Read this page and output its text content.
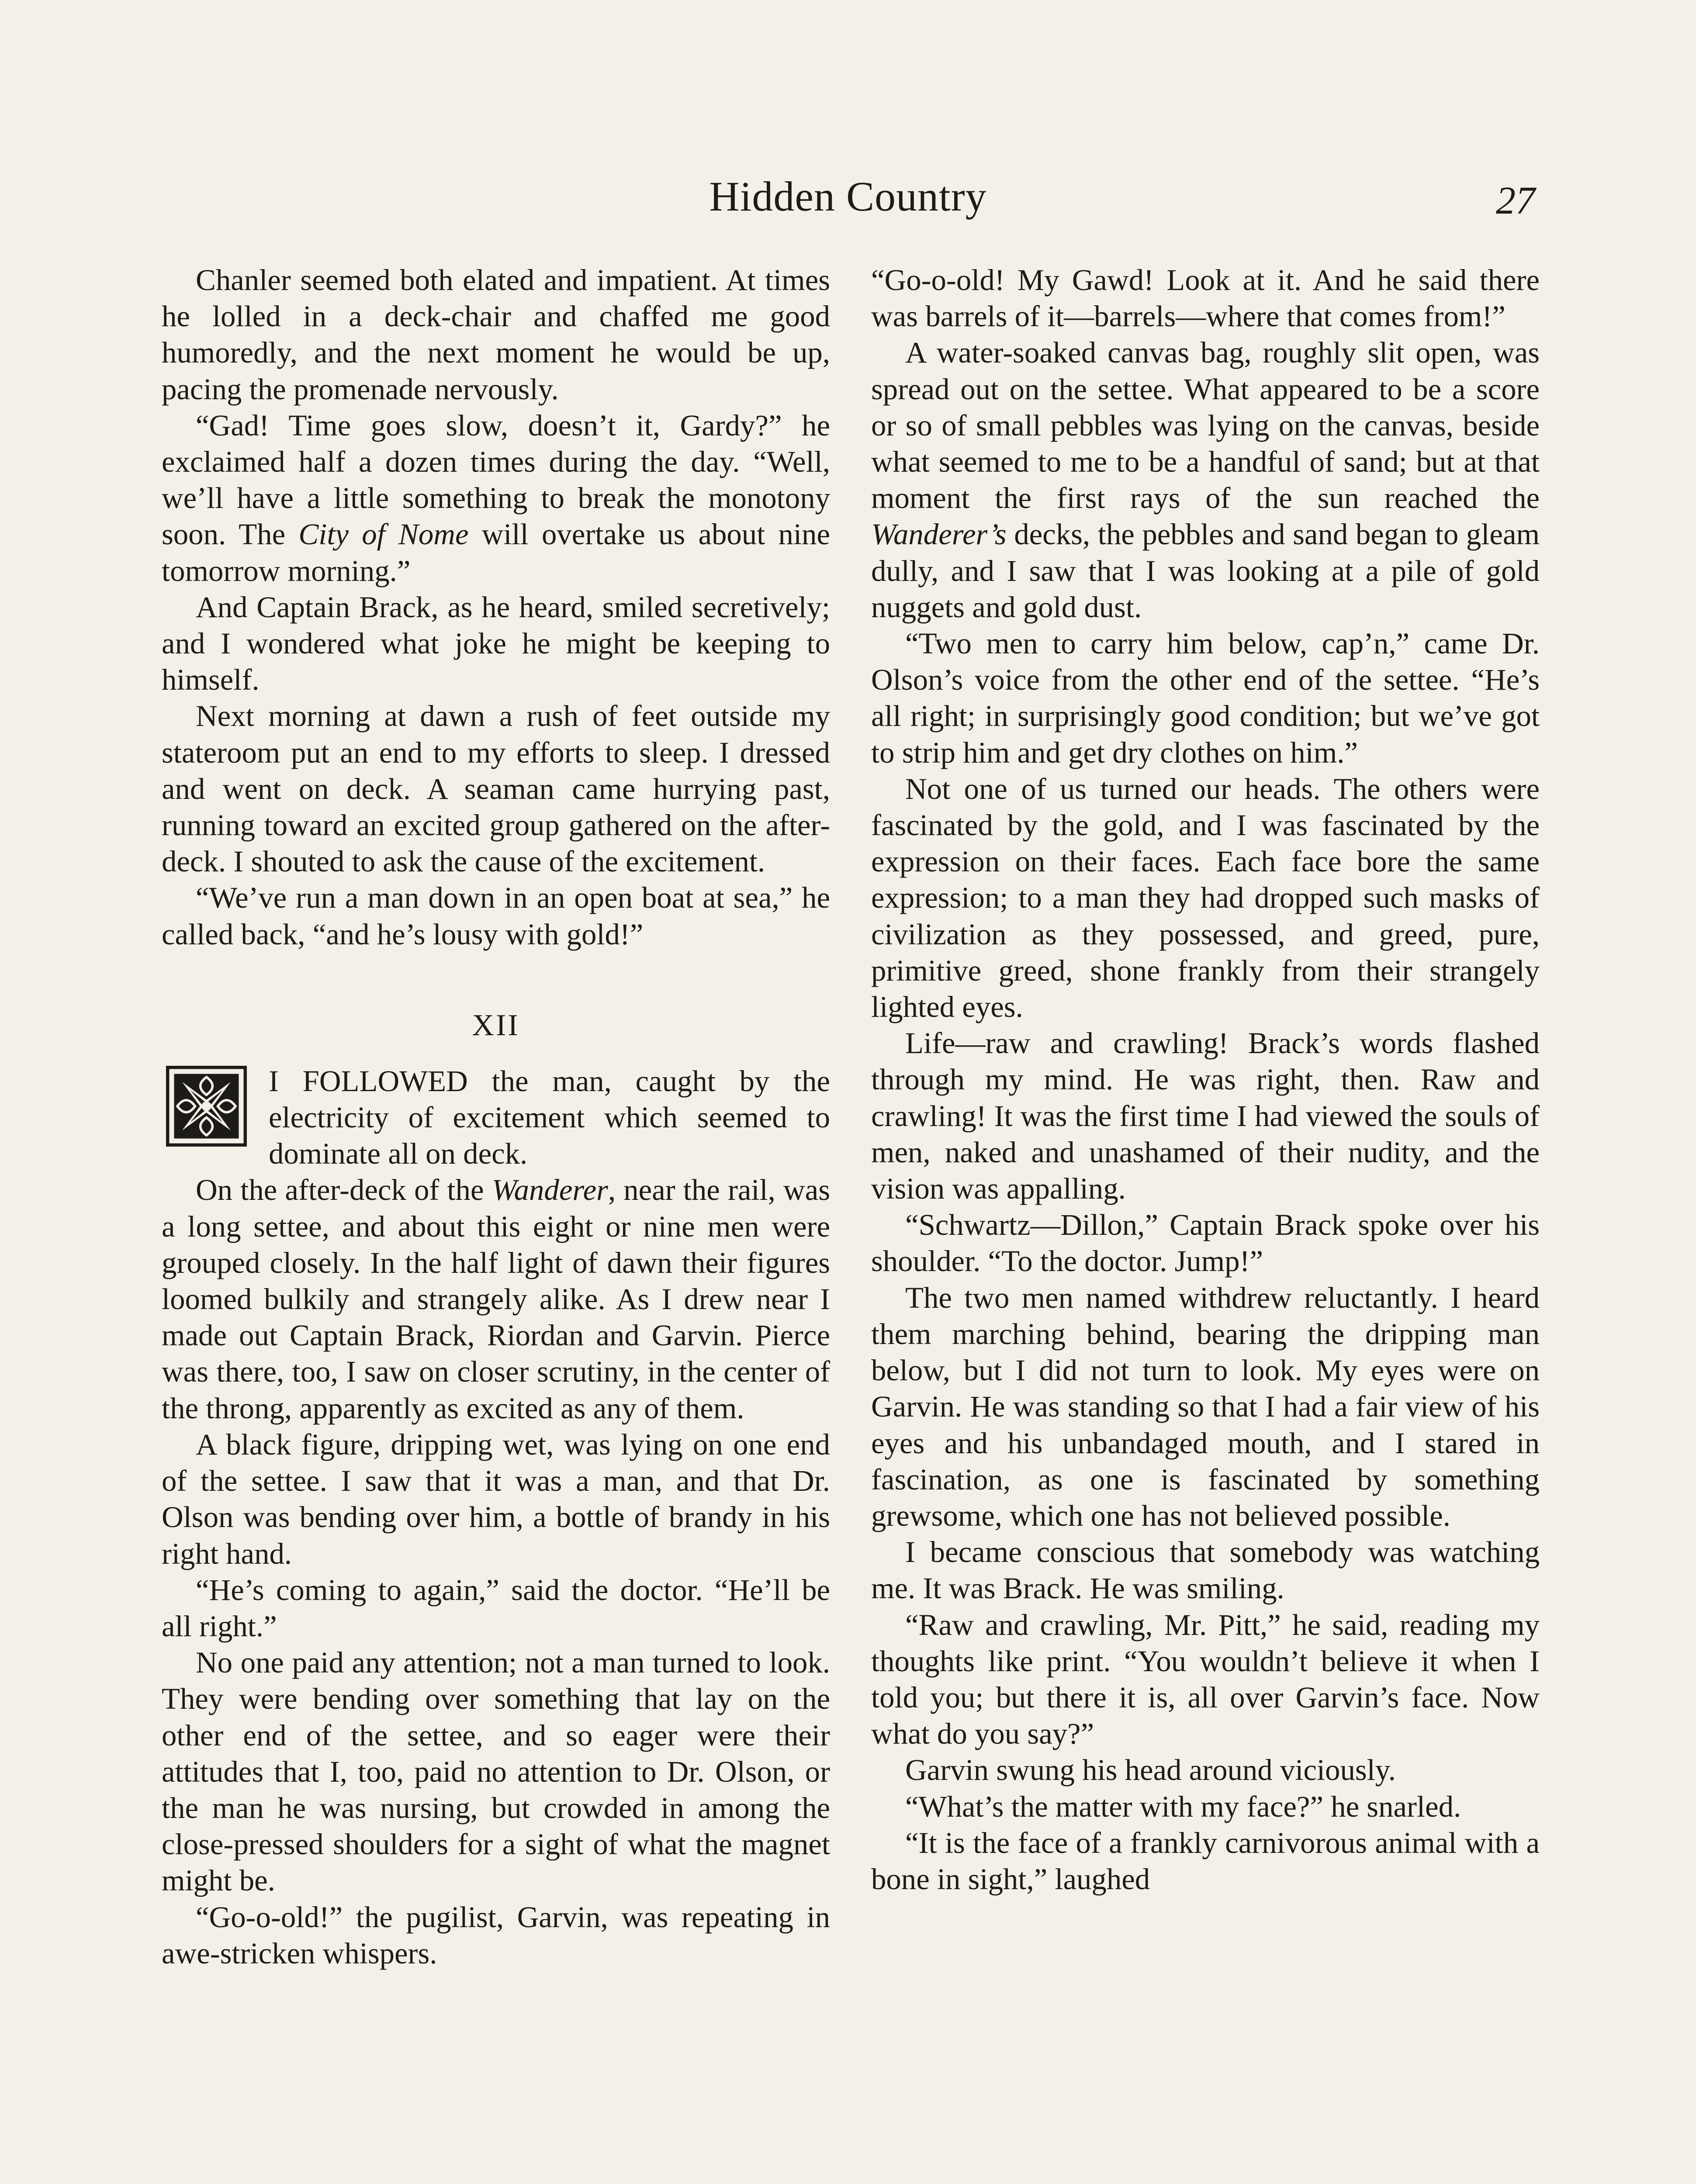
Hidden Country	27

Chanler seemed both elated and impatient. At times he lolled in a deck-chair and chaffed me good humoredly, and the next moment he would be up, pacing the promenade nervously.

“Gad! Time goes slow, doesn’t it, Gardy?” he exclaimed half a dozen times during the day. “Well, we’ll have a little something to break the monotony soon. The City of Nome will overtake us about nine tomorrow morning.”

And Captain Brack, as he heard, smiled secretively; and I wondered what joke he might be keeping to himself.

Next morning at dawn a rush of feet outside my stateroom put an end to my efforts to sleep. I dressed and went on deck. A seaman came hurrying past, running toward an excited group gathered on the after-deck. I shouted to ask the cause of the excitement.

“We’ve run a man down in an open boat at sea,” he called back, “and he’s lousy with gold!”

XII

I FOLLOWED the man, caught by the electricity of excitement which seemed to dominate all on deck.

On the after-deck of the Wanderer, near the rail, was a long settee, and about this eight or nine men were grouped closely. In the half light of dawn their figures loomed bulkily and strangely alike. As I drew near I made out Captain Brack, Riordan and Garvin. Pierce was there, too, I saw on closer scrutiny, in the center of the throng, apparently as excited as any of them.

A black figure, dripping wet, was lying on one end of the settee. I saw that it was a man, and that Dr. Olson was bending over him, a bottle of brandy in his right hand.

“He’s coming to again,” said the doctor. “He’ll be all right.”

No one paid any attention; not a man turned to look. They were bending over something that lay on the other end of the settee, and so eager were their attitudes that I, too, paid no attention to Dr. Olson, or the man he was nursing, but crowded in among the close-pressed shoulders for a sight of what the magnet might be.

“Go-o-old!” the pugilist, Garvin, was repeating in awe-stricken whispers.

“Go-o-old! My Gawd! Look at it. And he said there was barrels of it—barrels—where that comes from!”

A water-soaked canvas bag, roughly slit open, was spread out on the settee. What appeared to be a score or so of small pebbles was lying on the canvas, beside what seemed to me to be a handful of sand; but at that moment the first rays of the sun reached the Wanderer’s decks, the pebbles and sand began to gleam dully, and I saw that I was looking at a pile of gold nuggets and gold dust.

“Two men to carry him below, cap’n,” came Dr. Olson’s voice from the other end of the settee. “He’s all right; in surprisingly good condition; but we’ve got to strip him and get dry clothes on him.”

Not one of us turned our heads. The others were fascinated by the gold, and I was fascinated by the expression on their faces. Each face bore the same expression; to a man they had dropped such masks of civilization as they possessed, and greed, pure, primitive greed, shone frankly from their strangely lighted eyes.

Life—raw and crawling! Brack’s words flashed through my mind. He was right, then. Raw and crawling! It was the first time I had viewed the souls of men, naked and unashamed of their nudity, and the vision was appalling.

“Schwartz—Dillon,” Captain Brack spoke over his shoulder. “To the doctor. Jump!”

The two men named withdrew reluctantly. I heard them marching behind, bearing the dripping man below, but I did not turn to look. My eyes were on Garvin. He was standing so that I had a fair view of his eyes and his unbandaged mouth, and I stared in fascination, as one is fascinated by something grewsome, which one has not believed possible.

I became conscious that somebody was watching me. It was Brack. He was smiling.

“Raw and crawling, Mr. Pitt,” he said, reading my thoughts like print. “You wouldn’t believe it when I told you; but there it is, all over Garvin’s face. Now what do you say?”

Garvin swung his head around viciously.

“What’s the matter with my face?” he snarled.

“It is the face of a frankly carnivorous animal with a bone in sight,” laughed
